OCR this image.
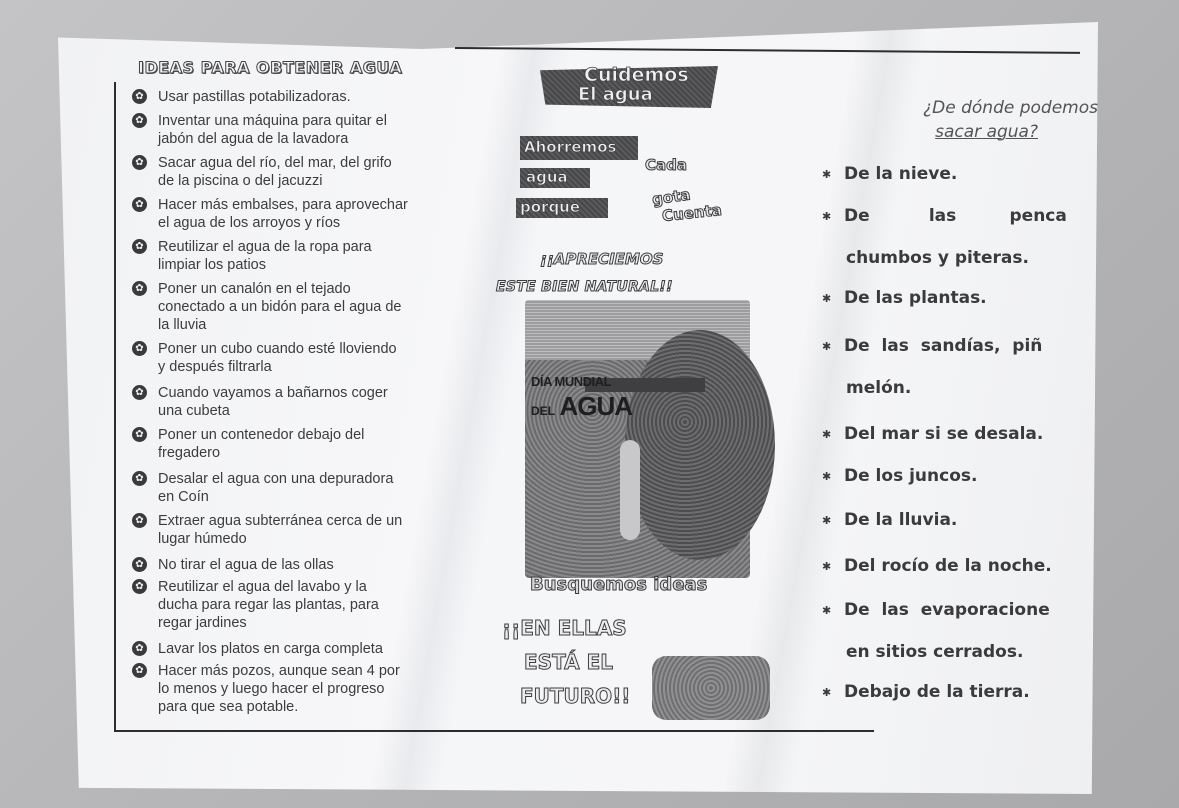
IDEAS PARA OBTENER AGUA
✿ Usar pastillas potabilizadoras.
✿ Inventar una máquina para quitar el
jabón del agua de la lavadora
✿ Sacar agua del río, del mar, del grifo
de la piscina o del jacuzzi
✿ Hacer más embalses, para aprovechar
el agua de los arroyos y ríos
✿ Reutilizar el agua de la ropa para
limpiar los patios
✿ Poner un canalón en el tejado
conectado a un bidón para el agua de
la lluvia
✿ Poner un cubo cuando esté lloviendo
y después filtrarla
✿ Cuando vayamos a bañarnos coger
una cubeta
✿ Poner un contenedor debajo del
fregadero
✿ Desalar el agua con una depuradora
en Coín
✿ Extraer agua subterránea cerca de un
lugar húmedo
✿ No tirar el agua de las ollas
✿ Reutilizar el agua del lavabo y la
ducha para regar las plantas, para
regar jardines
✿ Lavar los platos en carga completa
✿ Hacer más pozos, aunque sean 4 por
lo menos y luego hacer el progreso
para que sea potable.
Cuidemos
El agua
Ahorremos
agua
porque
Cada
gota
Cuenta
¡¡APRECIEMOS
ESTE BIEN NATURAL!!
DÍA MUNDIAL
DEL AGUA
Busquemos ideas
¡¡EN ELLAS
ESTÁ EL
FUTURO!!
¿De dónde podemos
sacar agua?
✱ De la nieve.
✱ De          las         penca
chumbos y piteras.
✱ De las plantas.
✱ De  las  sandías,  piñ
melón.
✱ Del mar si se desala.
✱ De los juncos.
✱ De la lluvia.
✱ Del rocío de la noche.
✱ De  las  evaporacione
en sitios cerrados.
✱ Debajo de la tierra.
